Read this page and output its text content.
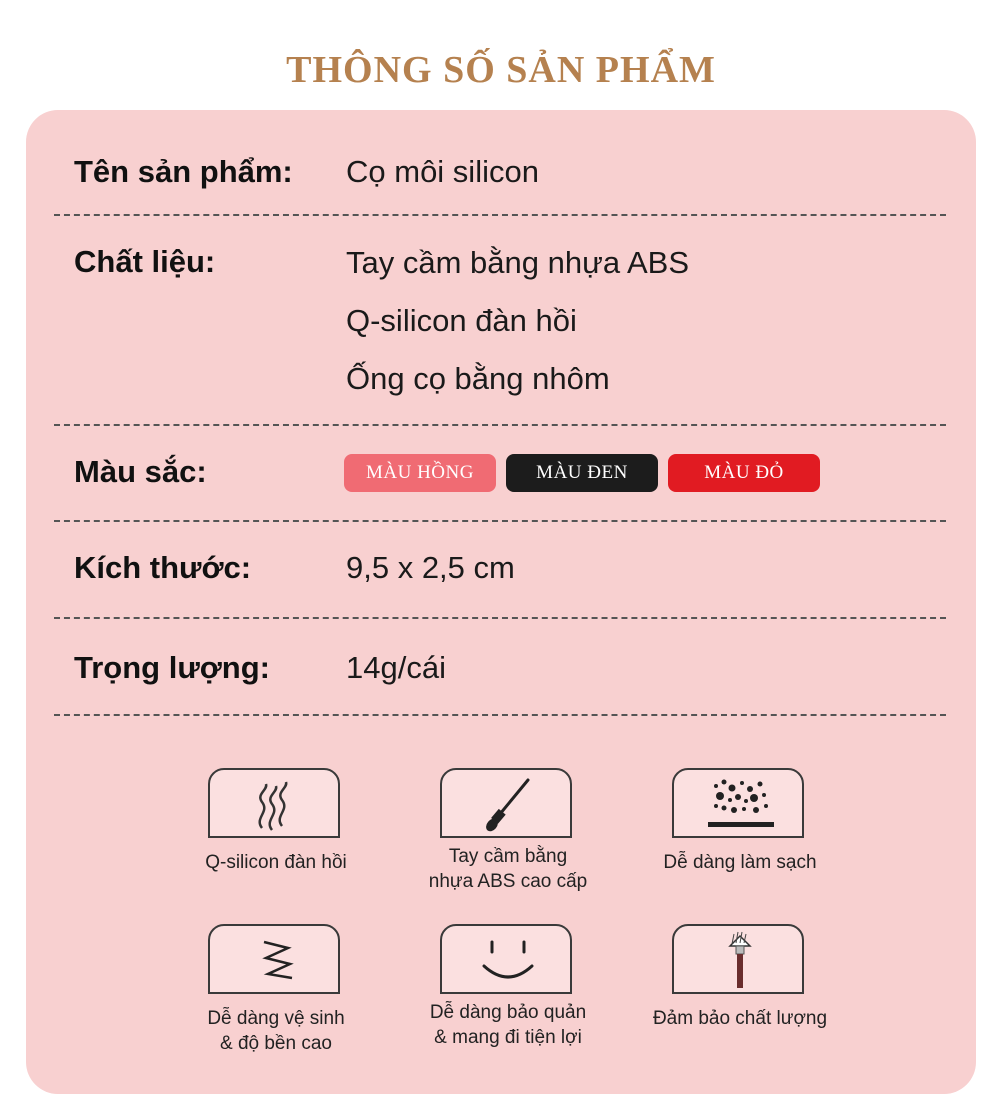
THÔNG SỐ SẢN PHẨM
Tên sản phẩm: Cọ môi silicon
Chất liệu:	Tay cầm bằng nhựa ABS
Q-silicon đàn hồi
Ống cọ bằng nhôm
Màu sắc:	MÀU HỒNG	MÀU ĐEN	MÀU ĐỎ
Kích thước:	9,5 x 2,5 cm
Trọng lượng: 14g/cái
Q-silicon đàn hồi	Tay cầm bằng
nhựa ABS cao cấp
Dễ dàng làm sạch
Dễ dàng vệ sinh
& độ bền cao
Dễ dàng bảo quản
& mang đi tiện lợi
Đảm bảo chất lượng
